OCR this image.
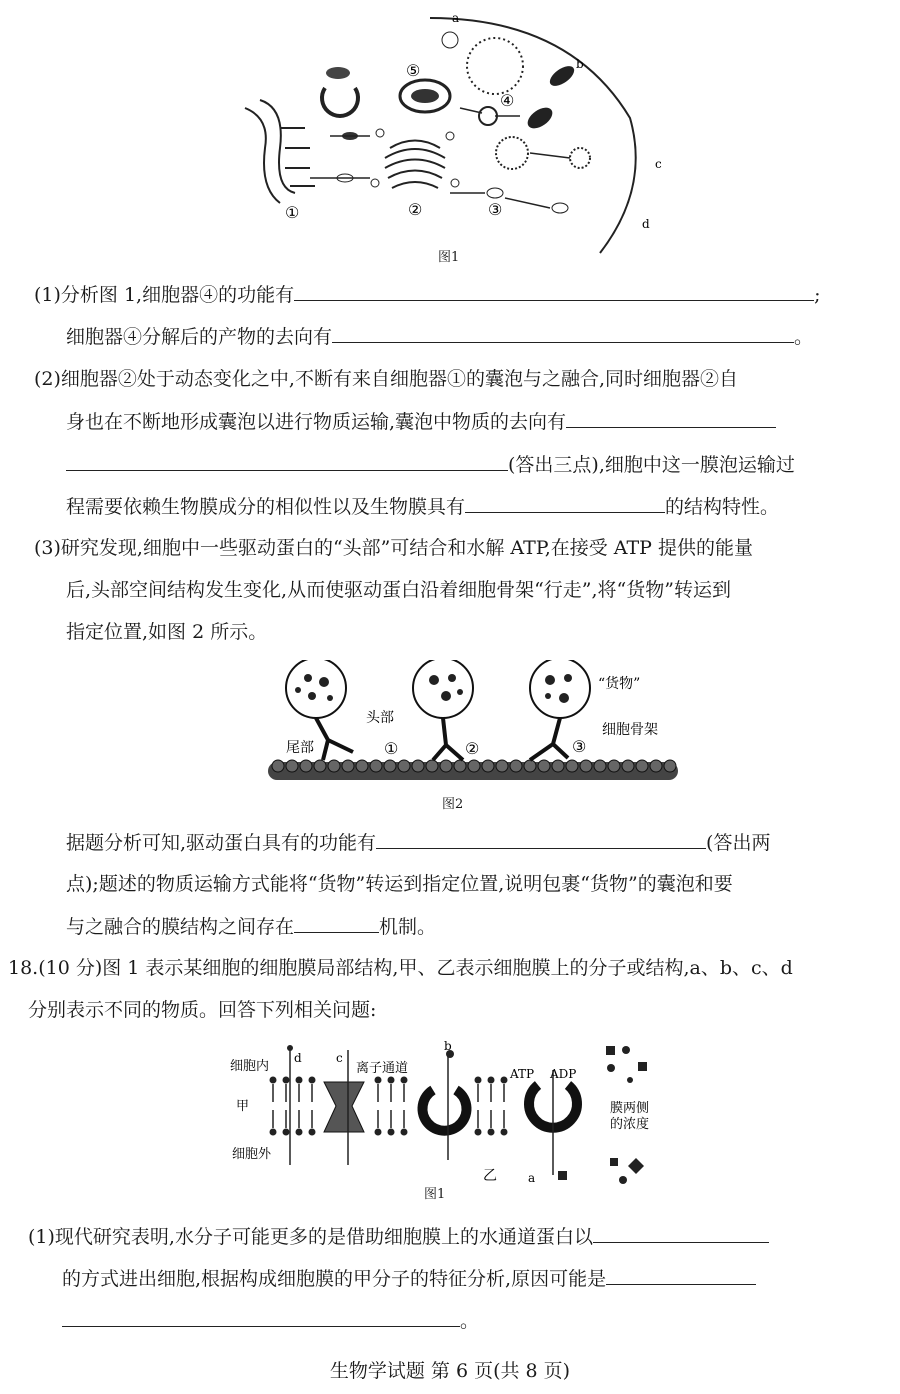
①	②	③
④
⑤
a
b
c
d
图1
(1)分析图 1,细胞器④的功能有	;
细胞器④分解后的产物的去向有	。
(2)细胞器②处于动态变化之中,不断有来自细胞器①的囊泡与之融合,同时细胞器②自
身也在不断地形成囊泡以进行物质运输,囊泡中物质的去向有
(答出三点),细胞中这一膜泡运输过
程需要依赖生物膜成分的相似性以及生物膜具有	的结构特性。
(3)研究发现,细胞中一些驱动蛋白的“头部”可结合和水解 ATP,在接受 ATP 提供的能量
后,头部空间结构发生变化,从而使驱动蛋白沿着细胞骨架“行走”,将“货物”转运到
指定位置,如图 2 所示。
头部
尾部	①	②	③
“货物”
细胞骨架
图2
据题分析可知,驱动蛋白具有的功能有	(答出两
点);题述的物质运输方式能将“货物”转运到指定位置,说明包裹“货物”的囊泡和要
与之融合的膜结构之间存在	机制。
18.(10 分)图 1 表示某细胞的细胞膜局部结构,甲、乙表示细胞膜上的分子或结构,a、b、c、d
分别表示不同的物质。回答下列相关问题:
细胞内
细胞外
甲
乙
离子通道	ATP ADP
a
b
c
d
膜两侧
的浓度
图1
(1)现代研究表明,水分子可能更多的是借助细胞膜上的水通道蛋白以
的方式进出细胞,根据构成细胞膜的甲分子的特征分析,原因可能是
。
生物学试题 第 6 页(共 8 页)
